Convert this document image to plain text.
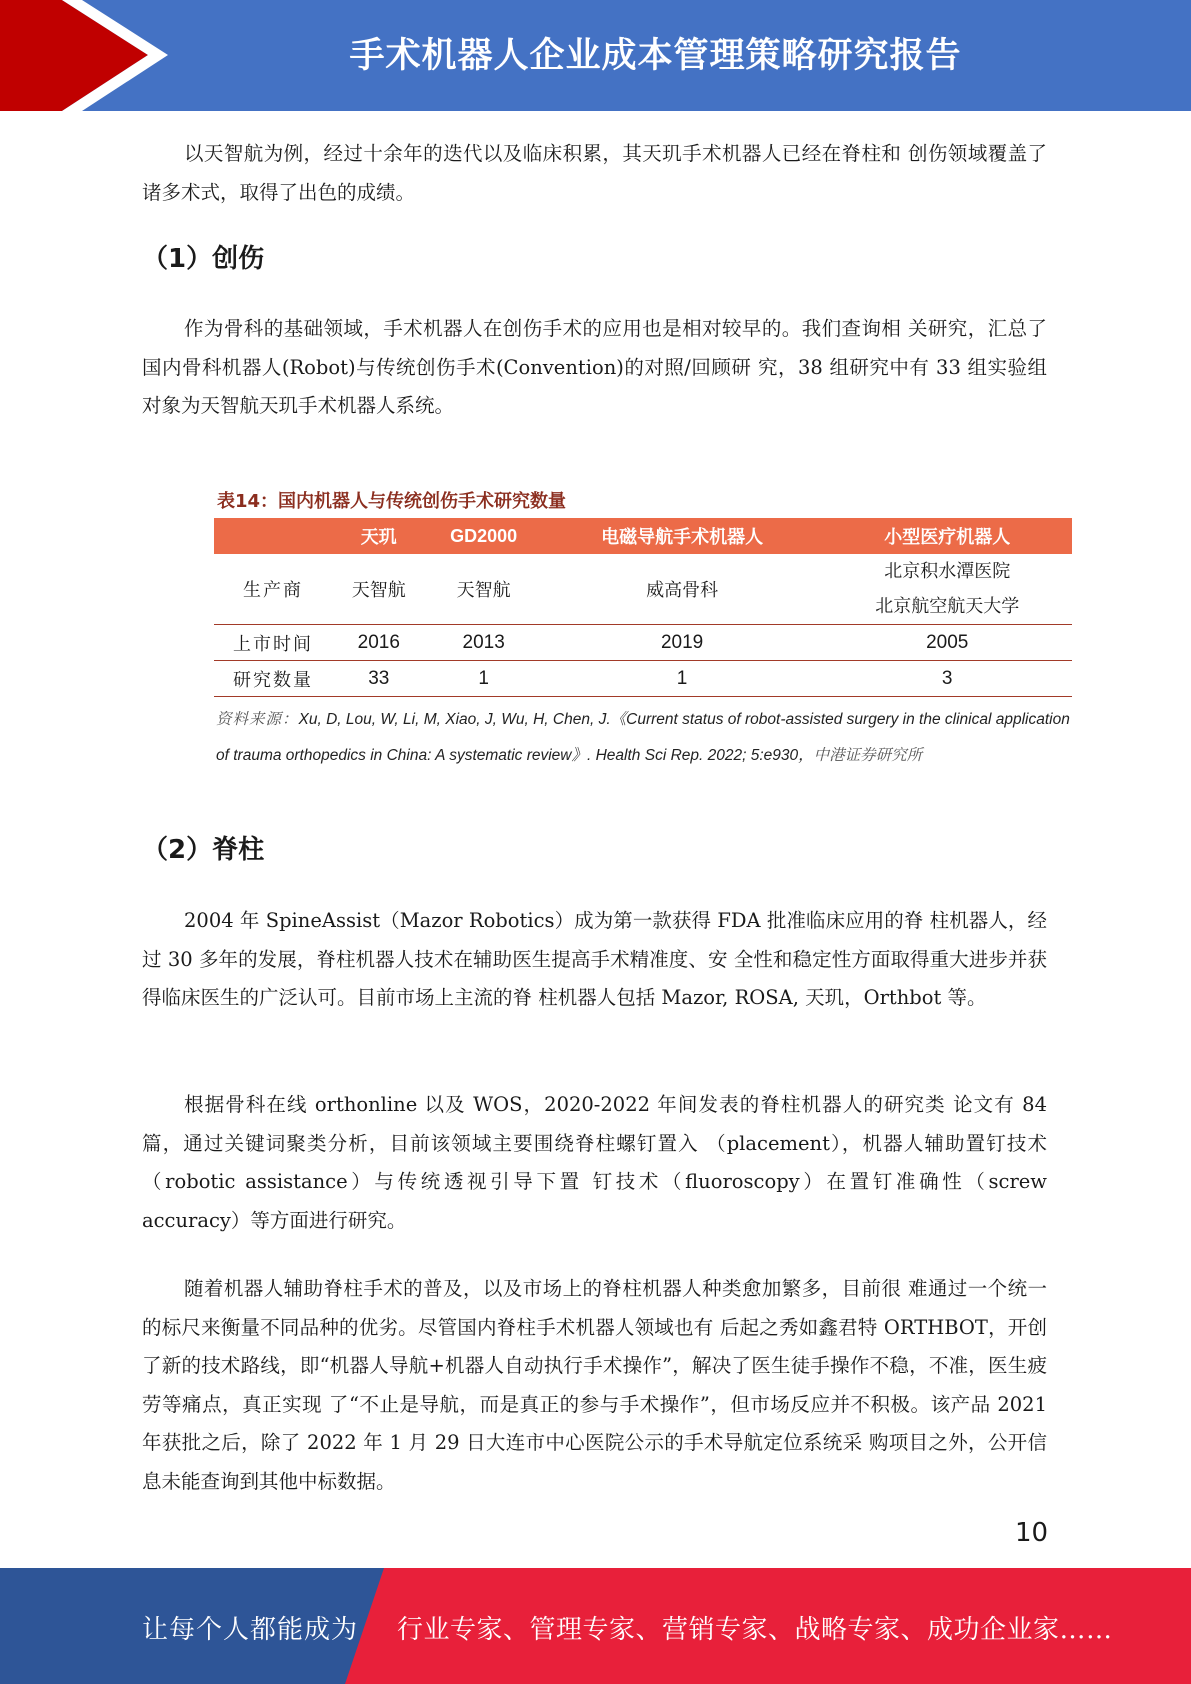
手术机器人企业成本管理策略研究报告

以天智航为例，经过十余年的迭代以及临床积累，其天玑手术机器人已经在脊柱和 创伤领域覆盖了诸多术式，取得了出色的成绩。

（1）创伤

作为骨科的基础领域，手术机器人在创伤手术的应用也是相对较早的。我们查询相 关研究，汇总了国内骨科机器人(Robot)与传统创伤手术(Convention)的对照/回顾研 究，38 组研究中有 33 组实验组对象为天智航天玑手术机器人系统。

表14：国内机器人与传统创伤手术研究数量
	天玑	GD2000	电磁导航手术机器人	小型医疗机器人
生产商	天智航	天智航	威高骨科	北京积水潭医院
北京航空航天大学

上市时间	2016	2013	2019	2005
研究数量	33	1	1	3
资料来源：Xu, D, Lou, W, Li, M, Xiao, J, Wu, H, Chen, J.《Current status of robot-assisted surgery in the clinical application of trauma orthopedics in China: A systematic review》. Health Sci Rep. 2022; 5:e930，中港证券研究所
（2）脊柱

2004 年 SpineAssist（Mazor Robotics）成为第一款获得 FDA 批准临床应用的脊 柱机器人，经过 30 多年的发展，脊柱机器人技术在辅助医生提高手术精准度、安 全性和稳定性方面取得重大进步并获得临床医生的广泛认可。目前市场上主流的脊 柱机器人包括 Mazor, ROSA, 天玑，Orthbot 等。

根据骨科在线 orthonline 以及 WOS，2020-2022 年间发表的脊柱机器人的研究类 论文有 84 篇，通过关键词聚类分析，目前该领域主要围绕脊柱螺钉置入 （placement），机器人辅助置钉技术（robotic assistance）与传统透视引导下置 钉技术（fluoroscopy）在置钉准确性（screw accuracy）等方面进行研究。

随着机器人辅助脊柱手术的普及，以及市场上的脊柱机器人种类愈加繁多，目前很 难通过一个统一的标尺来衡量不同品种的优劣。尽管国内脊柱手术机器人领域也有 后起之秀如鑫君特 ORTHBOT，开创了新的技术路线，即“机器人导航+机器人自动执行手术操作”，解决了医生徒手操作不稳，不准，医生疲劳等痛点，真正实现 了“不止是导航，而是真正的参与手术操作”，但市场反应并不积极。该产品 2021 年获批之后，除了 2022 年 1 月 29 日大连市中心医院公示的手术导航定位系统采 购项目之外，公开信息未能查询到其他中标数据。

10
让每个人都能成为 行业专家、管理专家、营销专家、战略专家、成功企业家……
